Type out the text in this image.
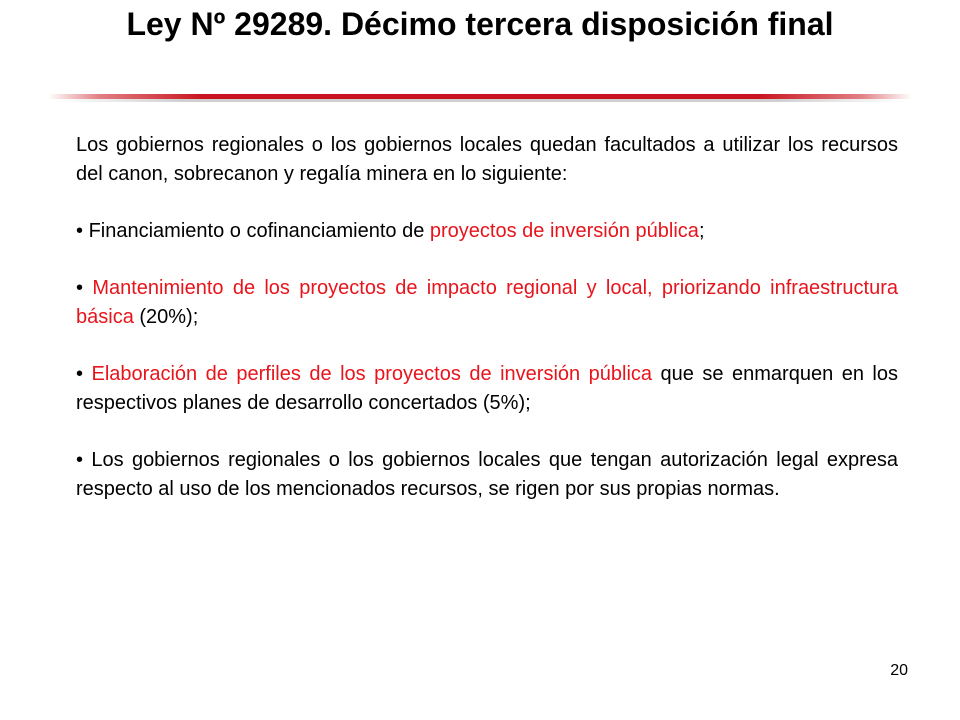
Ley Nº 29289. Décimo tercera disposición final

Los gobiernos regionales o los gobiernos locales quedan facultados a utilizar los recursos del canon, sobrecanon y regalía minera en lo siguiente:

• Financiamiento o cofinanciamiento de proyectos de inversión pública;

• Mantenimiento de los proyectos de impacto regional y local, priorizando infraestructura básica (20%);

• Elaboración de perfiles de los proyectos de inversión pública que se enmarquen en los respectivos planes de desarrollo concertados (5%);

• Los gobiernos regionales o los gobiernos locales que tengan autorización legal expresa respecto al uso de los mencionados recursos, se rigen por sus propias normas.

20
